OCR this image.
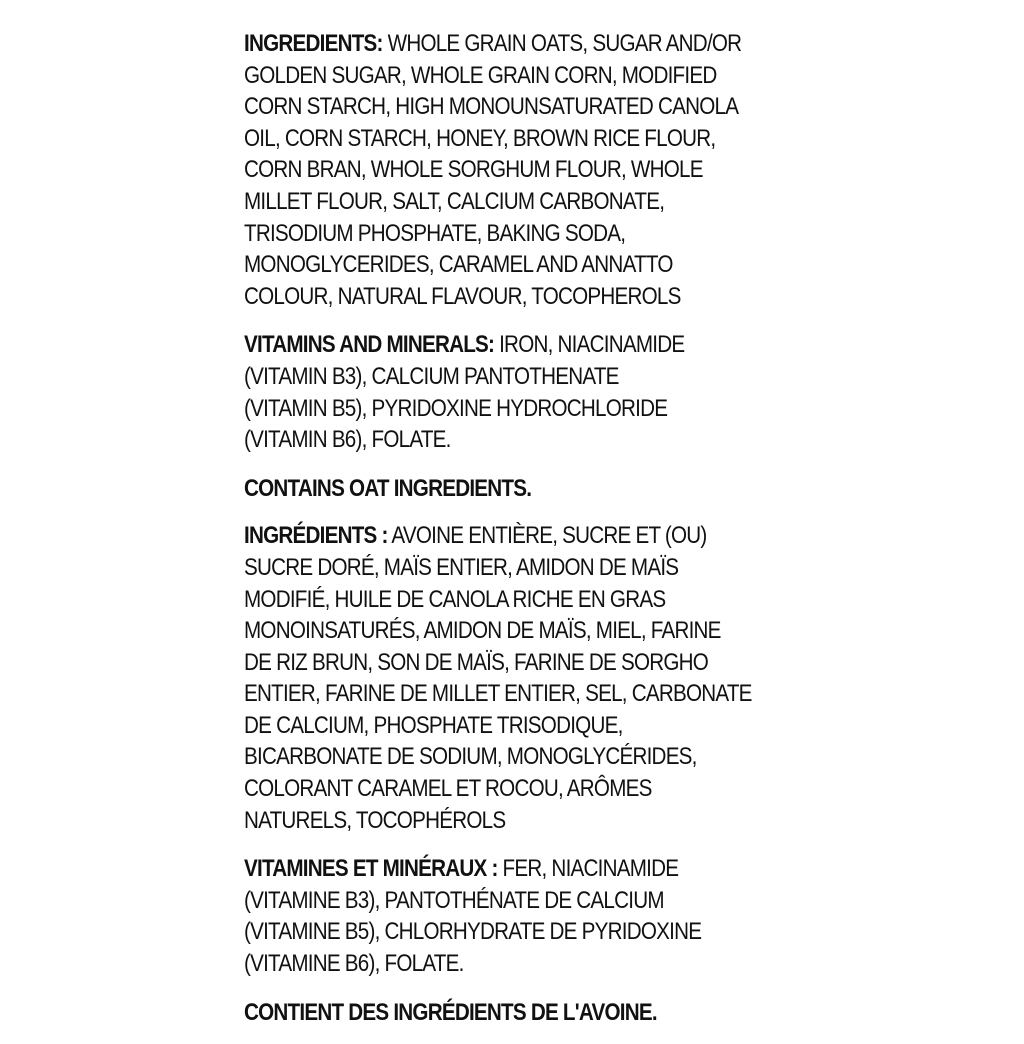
INGREDIENTS: WHOLE GRAIN OATS, SUGAR AND/OR
GOLDEN SUGAR, WHOLE GRAIN CORN, MODIFIED
CORN STARCH, HIGH MONOUNSATURATED CANOLA
OIL, CORN STARCH, HONEY, BROWN RICE FLOUR,
CORN BRAN, WHOLE SORGHUM FLOUR, WHOLE
MILLET FLOUR, SALT, CALCIUM CARBONATE,
TRISODIUM PHOSPHATE, BAKING SODA,
MONOGLYCERIDES, CARAMEL AND ANNATTO
COLOUR, NATURAL FLAVOUR, TOCOPHEROLS

VITAMINS AND MINERALS: IRON, NIACINAMIDE
(VITAMIN B3), CALCIUM PANTOTHENATE
(VITAMIN B5), PYRIDOXINE HYDROCHLORIDE
(VITAMIN B6), FOLATE.

CONTAINS OAT INGREDIENTS.

INGRÉDIENTS : AVOINE ENTIÈRE, SUCRE ET (OU)
SUCRE DORÉ, MAÏS ENTIER, AMIDON DE MAÏS
MODIFIÉ, HUILE DE CANOLA RICHE EN GRAS
MONOINSATURÉS, AMIDON DE MAÏS, MIEL, FARINE
DE RIZ BRUN, SON DE MAÏS, FARINE DE SORGHO
ENTIER, FARINE DE MILLET ENTIER, SEL, CARBONATE
DE CALCIUM, PHOSPHATE TRISODIQUE,
BICARBONATE DE SODIUM, MONOGLYCÉRIDES,
COLORANT CARAMEL ET ROCOU, ARÔMES
NATURELS, TOCOPHÉROLS

VITAMINES ET MINÉRAUX : FER, NIACINAMIDE
(VITAMINE B3), PANTOTHÉNATE DE CALCIUM
(VITAMINE B5), CHLORHYDRATE DE PYRIDOXINE
(VITAMINE B6), FOLATE.

CONTIENT DES INGRÉDIENTS DE L'AVOINE.
